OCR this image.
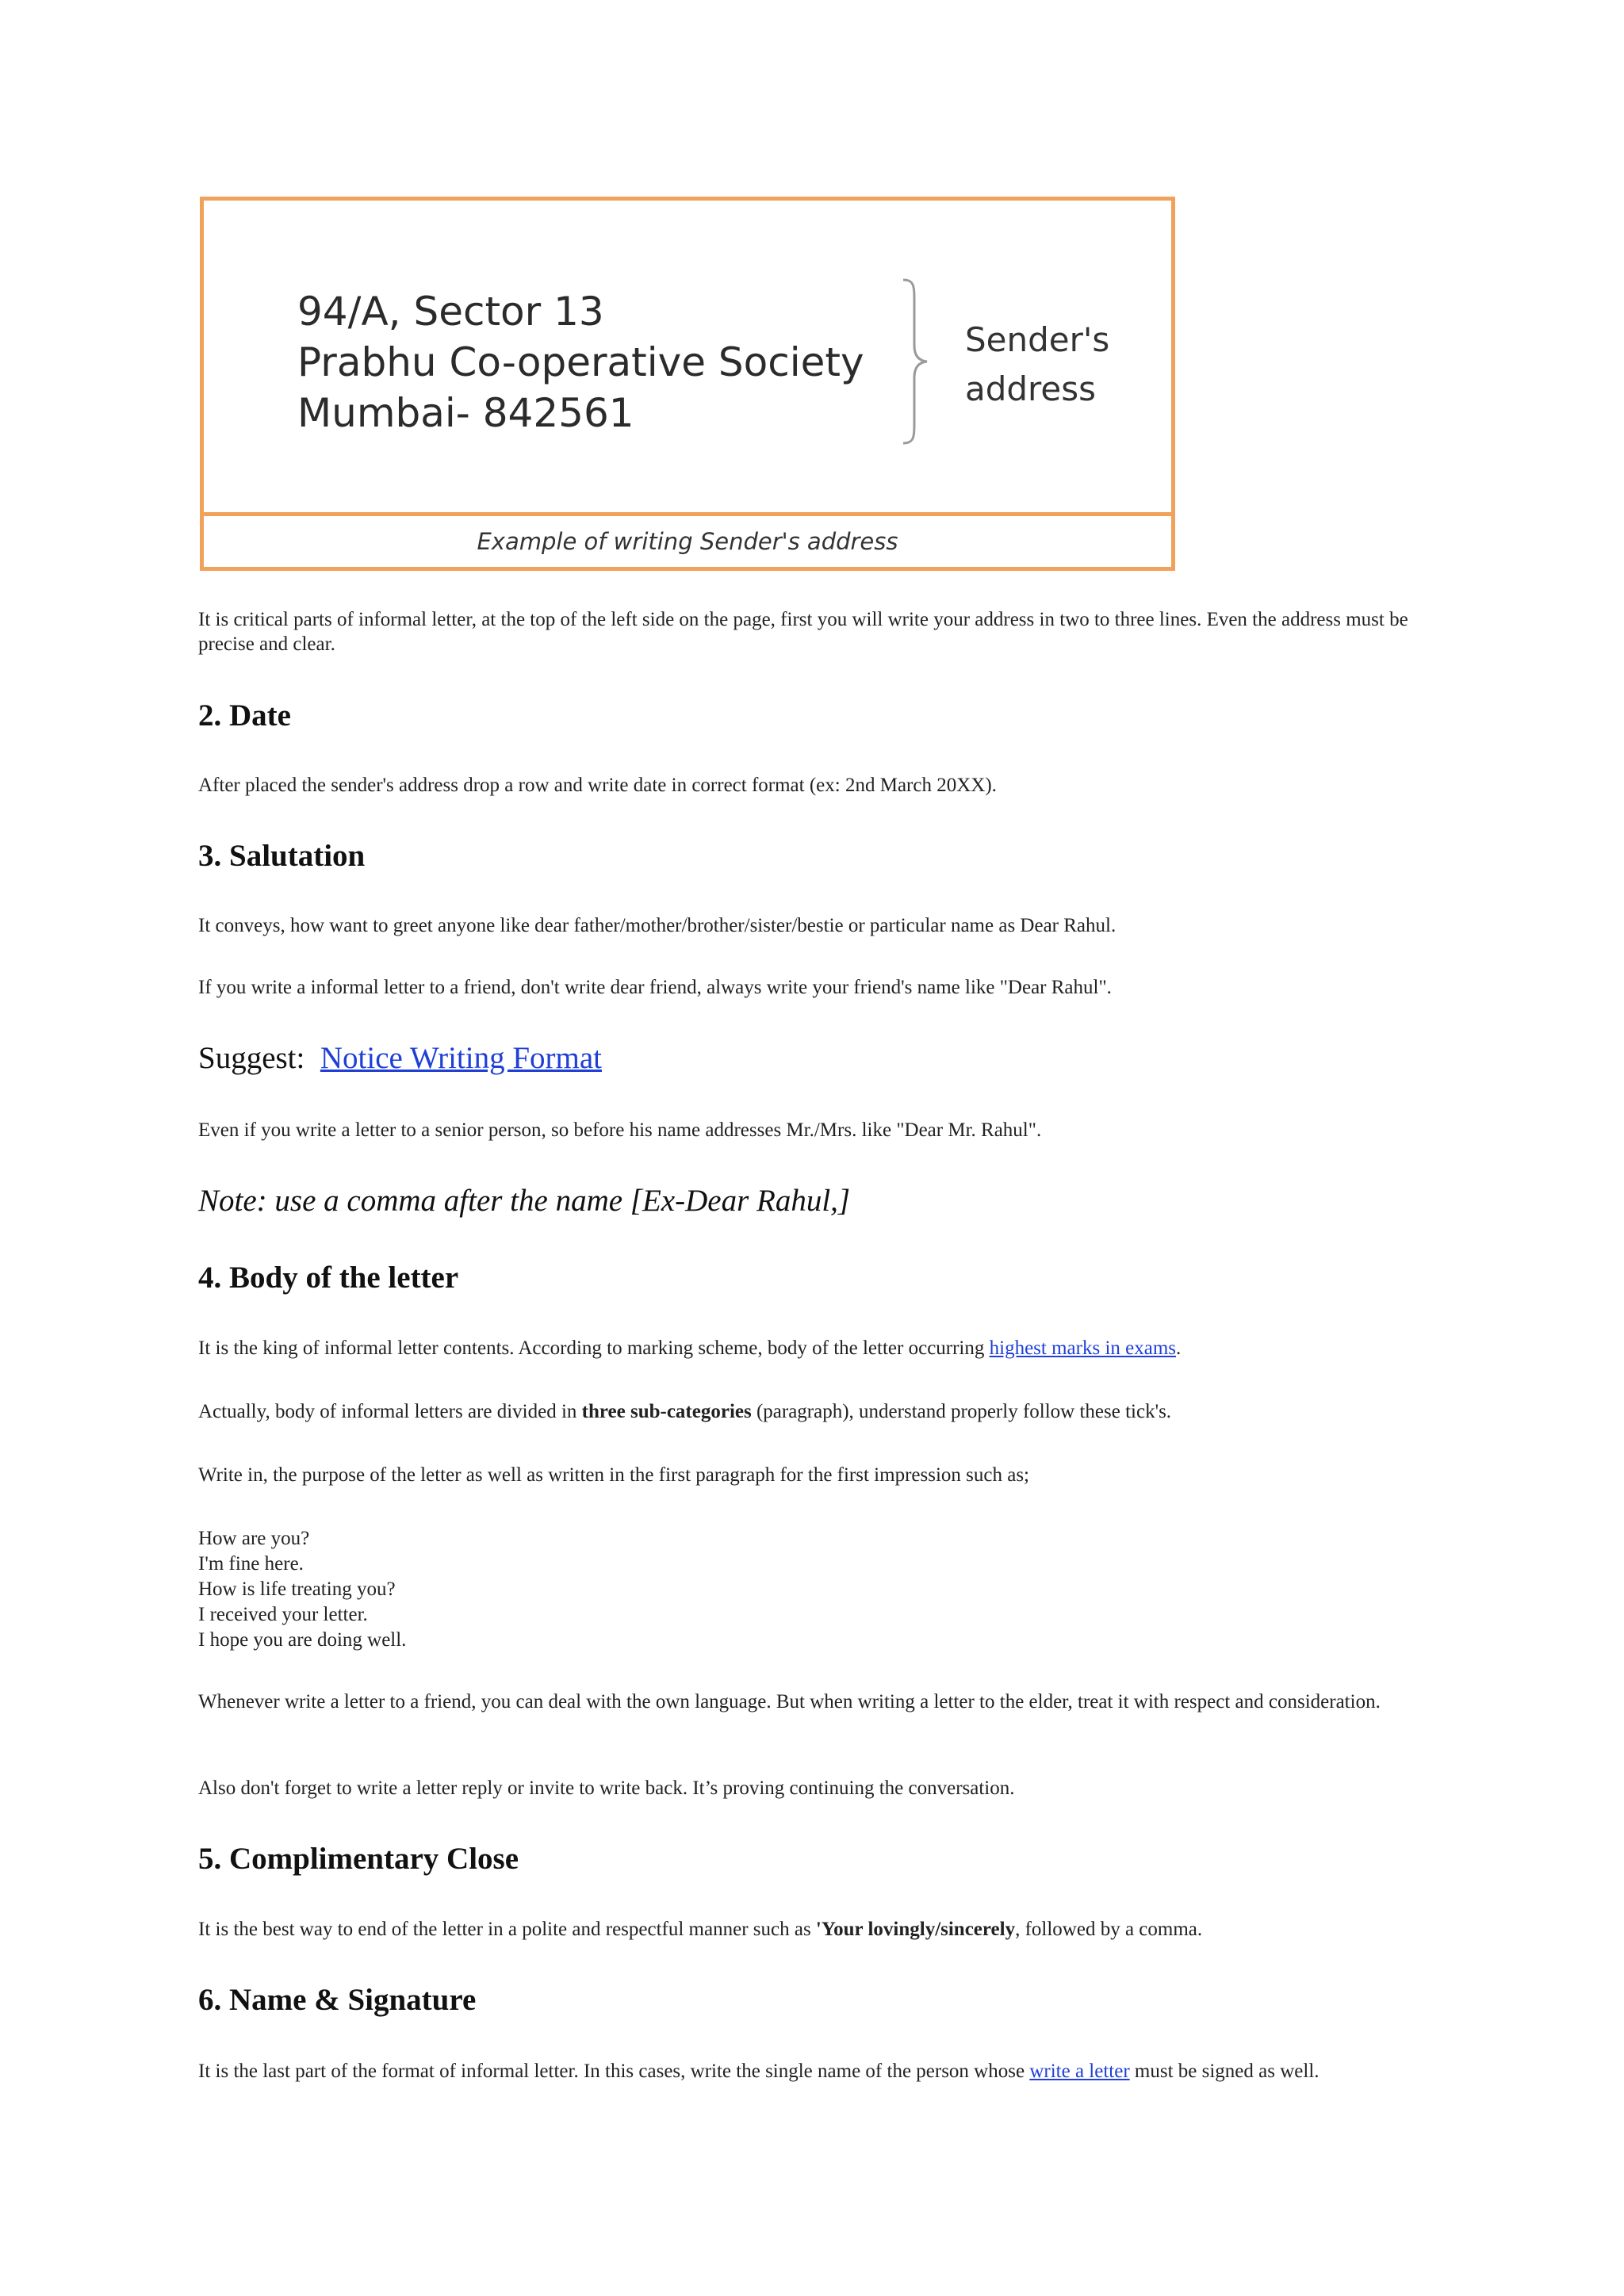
94/A, Sector 13
Prabhu Co-operative Society
Mumbai- 842561
Sender's
address
Example of writing Sender's address

It is critical parts of informal letter, at the top of the left side on the page, first you will write your address in two to three lines. Even the address must be precise and clear.

2. Date

After placed the sender's address drop a row and write date in correct format (ex: 2nd March 20XX).

3. Salutation

It conveys, how want to greet anyone like dear father/mother/brother/sister/bestie or particular name as Dear Rahul.

If you write a informal letter to a friend, don't write dear friend, always write your friend's name like "Dear Rahul".

Suggest: Notice Writing Format

Even if you write a letter to a senior person, so before his name addresses Mr./Mrs. like "Dear Mr. Rahul".

Note: use a comma after the name [Ex-Dear Rahul,]
4. Body of the letter

It is the king of informal letter contents. According to marking scheme, body of the letter occurring highest marks in exams.

Actually, body of informal letters are divided in three sub-categories (paragraph), understand properly follow these tick's.

Write in, the purpose of the letter as well as written in the first paragraph for the first impression such as;

How are you?

I'm fine here.

How is life treating you?

I received your letter.

I hope you are doing well.

Whenever write a letter to a friend, you can deal with the own language. But when writing a letter to the elder, treat it with respect and consideration.

Also don't forget to write a letter reply or invite to write back. It’s proving continuing the conversation.

5. Complimentary Close

It is the best way to end of the letter in a polite and respectful manner such as 'Your lovingly/sincerely, followed by a comma.

6. Name & Signature

It is the last part of the format of informal letter. In this cases, write the single name of the person whose write a letter must be signed as well.
